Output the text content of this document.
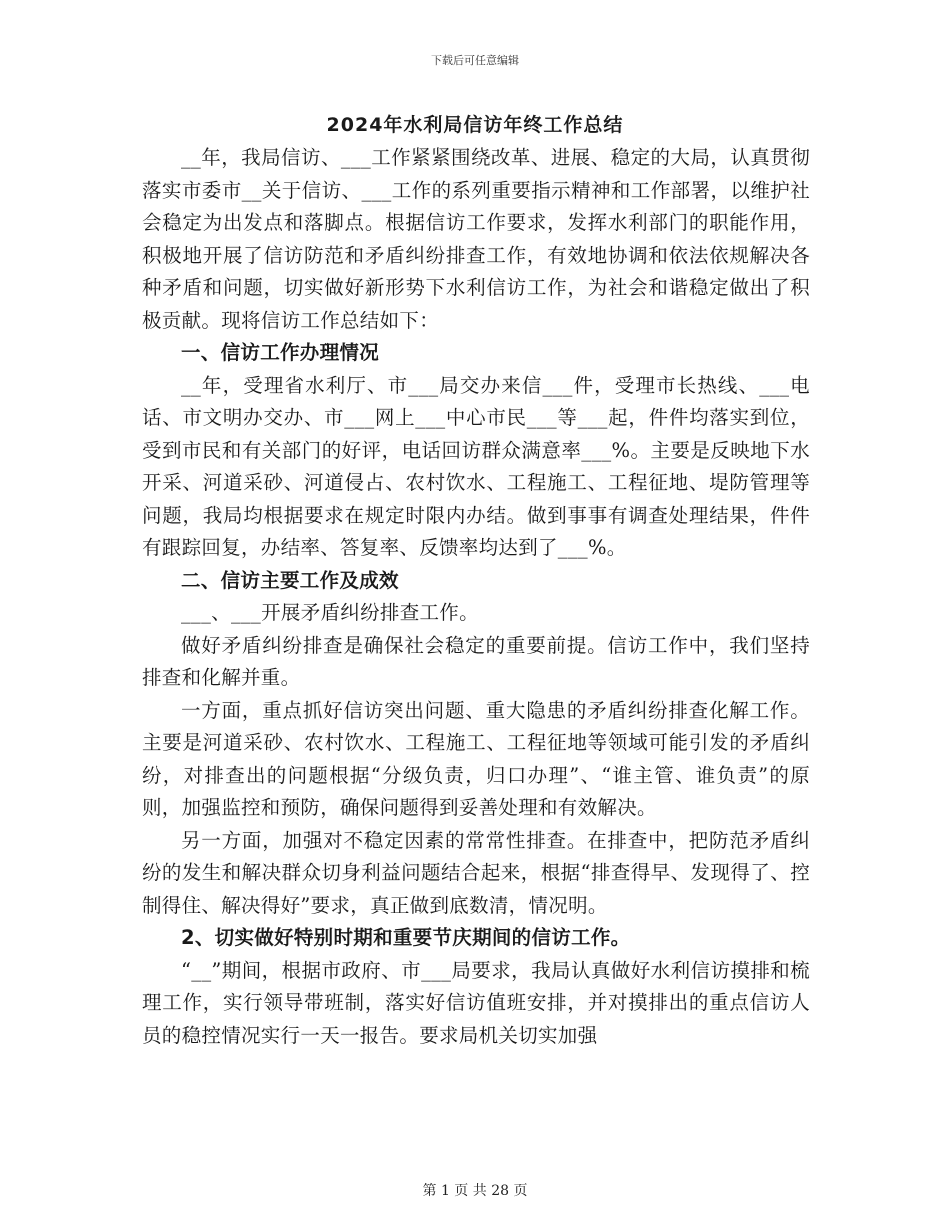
下载后可任意编辑
2024年水利局信访年终工作总结

__年，我局信访、___工作紧紧围绕改革、进展、稳定的大局，认真贯彻落实市委市__关于信访、___工作的系列重要指示精神和工作部署，以维护社会稳定为出发点和落脚点。根据信访工作要求，发挥水利部门的职能作用，积极地开展了信访防范和矛盾纠纷排查工作，有效地协调和依法依规解决各种矛盾和问题，切实做好新形势下水利信访工作，为社会和谐稳定做出了积极贡献。现将信访工作总结如下：

一、信访工作办理情况

__年，受理省水利厅、市___局交办来信___件，受理市长热线、___电话、市文明办交办、市___网上___中心市民___等___起，件件均落实到位，受到市民和有关部门的好评，电话回访群众满意率___%。主要是反映地下水开采、河道采砂、河道侵占、农村饮水、工程施工、工程征地、堤防管理等问题，我局均根据要求在规定时限内办结。做到事事有调查处理结果，件件有跟踪回复，办结率、答复率、反馈率均达到了___%。

二、信访主要工作及成效

___、___开展矛盾纠纷排查工作。

做好矛盾纠纷排查是确保社会稳定的重要前提。信访工作中，我们坚持排查和化解并重。

一方面，重点抓好信访突出问题、重大隐患的矛盾纠纷排查化解工作。主要是河道采砂、农村饮水、工程施工、工程征地等领域可能引发的矛盾纠纷，对排查出的问题根据“分级负责，归口办理”、“谁主管、谁负责”的原则，加强监控和预防，确保问题得到妥善处理和有效解决。

另一方面，加强对不稳定因素的常常性排查。在排查中，把防范矛盾纠纷的发生和解决群众切身利益问题结合起来，根据“排查得早、发现得了、控制得住、解决得好”要求，真正做到底数清，情况明。

2、切实做好特别时期和重要节庆期间的信访工作。

“__”期间，根据市政府、市___局要求，我局认真做好水利信访摸排和梳理工作，实行领导带班制，落实好信访值班安排，并对摸排出的重点信访人员的稳控情况实行一天一报告。要求局机关切实加强

第 1 页 共 28 页
